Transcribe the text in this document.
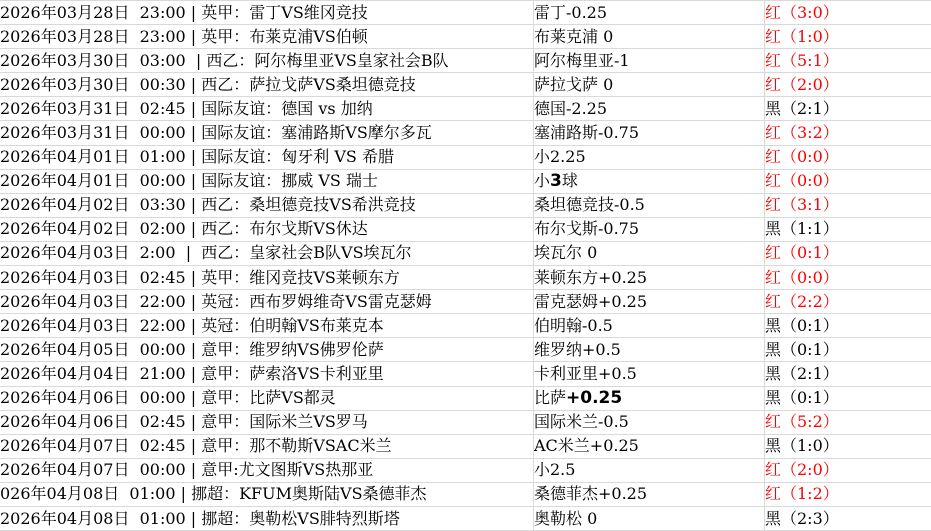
2026年03月28日  23:00 | 英甲：雷丁VS维冈竞技	雷丁-0.25	红（3:0）
2026年03月28日  23:00 | 英甲：布莱克浦VS伯顿	布莱克浦 0	红（1:0）
2026年03月30日  03:00  | 西乙：阿尔梅里亚VS皇家社会B队	阿尔梅里亚-1	红（5:1）
2026年03月30日  00:30 | 西乙：萨拉戈萨VS桑坦德竞技	萨拉戈萨 0	红（2:0）
2026年03月31日  02:45 | 国际友谊：德国 vs 加纳	德国-2.25	黑（2:1）
2026年03月31日  00:00 | 国际友谊：塞浦路斯VS摩尔多瓦	塞浦路斯-0.75	红（3:2）
2026年04月01日  01:00 | 国际友谊：匈牙利 VS 希腊	小2.25	红（0:0）
2026年04月01日  00:00 | 国际友谊：挪威 VS 瑞士	小3球	红（0:0）
2026年04月02日  03:30 | 西乙：桑坦德竞技VS希洪竞技	桑坦德竞技-0.5	红（3:1）
2026年04月02日  02:00 | 西乙：布尔戈斯VS休达	布尔戈斯-0.75	黑（1:1）
2026年04月03日  2:00  |  西乙：皇家社会B队VS埃瓦尔	埃瓦尔 0	红（0:1）
2026年04月03日  02:45 | 英甲：维冈竞技VS莱顿东方	莱顿东方+0.25	红（0:0）
2026年04月03日  22:00 | 英冠：西布罗姆维奇VS雷克瑟姆	雷克瑟姆+0.25	红（2:2）
2026年04月03日  22:00 | 英冠：伯明翰VS布莱克本	伯明翰-0.5	黑（0:1）
2026年04月05日  00:00 | 意甲：维罗纳VS佛罗伦萨	维罗纳+0.5	黑（0:1）
2026年04月04日  21:00 | 意甲：萨索洛VS卡利亚里	卡利亚里+0.5	黑（2:1）
2026年04月06日  00:00 | 意甲：比萨VS都灵	比萨+0.25	黑（0:1）
2026年04月06日  02:45 | 意甲：国际米兰VS罗马	国际米兰-0.5	红（5:2）
2026年04月07日  02:45 | 意甲：那不勒斯VSAC米兰	AC米兰+0.25	黑（1:0）
2026年04月07日  00:00 | 意甲:尤文图斯VS热那亚	小2.5	红（2:0）
026年04月08日  01:00 | 挪超：KFUM奥斯陆VS桑德菲杰	桑德菲杰+0.25	红（1:2）
2026年04月08日  01:00 | 挪超：奥勒松VS腓特烈斯塔	奥勒松 0	黑（2:3）
